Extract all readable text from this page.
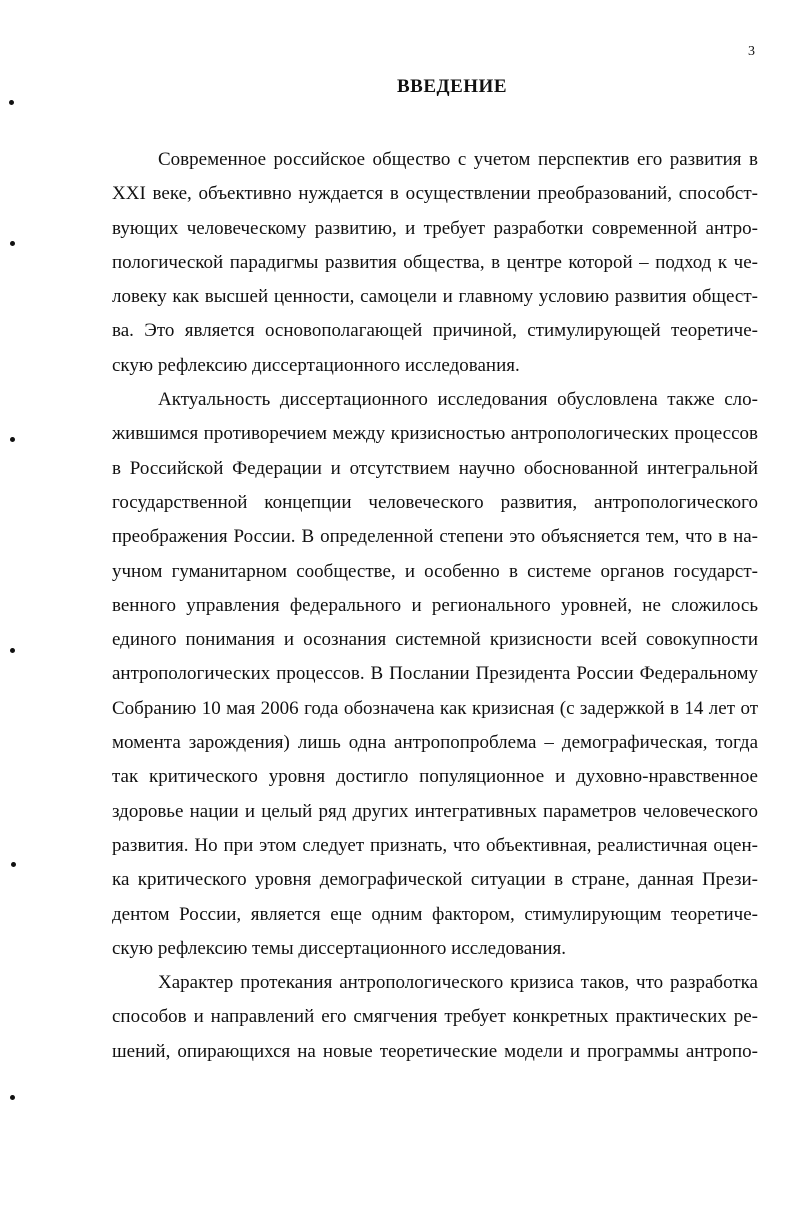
3
ВВЕДЕНИЕ

Современное российское общество с учетом перспектив его развития в
XXI веке, объективно нуждается в осуществлении преобразований, способст-
вующих человеческому развитию, и требует разработки современной антро-
пологической парадигмы развития общества, в центре которой – подход к че-
ловеку как высшей ценности, самоцели и главному условию развития общест-
ва. Это является основополагающей причиной, стимулирующей теоретиче-
скую рефлексию диссертационного исследования.

Актуальность диссертационного исследования обусловлена также сло-
жившимся противоречием между кризисностью антропологических процессов
в Российской Федерации и отсутствием научно обоснованной интегральной
государственной концепции человеческого развития, антропологического
преображения России. В определенной степени это объясняется тем, что в на-
учном гуманитарном сообществе, и особенно в системе органов государст-
венного управления федерального и регионального уровней, не сложилось
единого понимания и осознания системной кризисности всей совокупности
антропологических процессов. В Послании Президента России Федеральному
Собранию 10 мая 2006 года обозначена как кризисная (с задержкой в 14 лет от
момента зарождения) лишь одна антропопроблема – демографическая, тогда
так критического уровня достигло популяционное и духовно-нравственное
здоровье нации и целый ряд других интегративных параметров человеческого
развития. Но при этом следует признать, что объективная, реалистичная оцен-
ка критического уровня демографической ситуации в стране, данная Прези-
дентом России, является еще одним фактором, стимулирующим теоретиче-
скую рефлексию темы диссертационного исследования.

Характер протекания антропологического кризиса таков, что разработка
способов и направлений его смягчения требует конкретных практических ре-
шений, опирающихся на новые теоретические модели и программы антропо-
